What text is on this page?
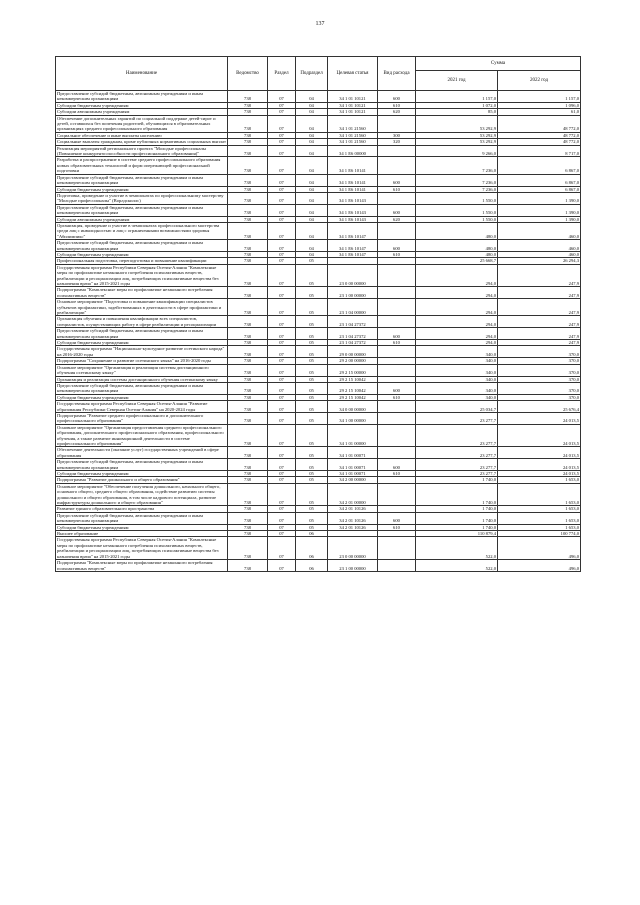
137
Наименование	Ведомство	Раздел	Подраздел	Целевая статья	Вид расхода	Сумма	
						2021 год	2022 год
Предоставление субсидий бюджетным, автономным учреждениям и иным некоммерческим организациям	738	07	04	34 1 01 10121	600	1 157,0	1 157,0
Субсидии бюджетным учреждениям	738	07	04	34 1 01 10121	610	1 072,0	1 096,0
Субсидии автономным учреждениям	738	07	04	34 1 01 10121	620	85,0	61,0
Обеспечение дополнительных гарантий по социальной поддержке детей-сирот и детей, оставшихся без попечения родителей, обучающихся в образовательных организациях среднего профессионального образования	738	07	04	34 1 01 21560		53 292,9	48 772,0
Социальное обеспечение и иные выплаты населению	738	07	04	34 1 01 21560	300	53 292,9	48 772,0
Социальные выплаты гражданам, кроме публичных нормативных социальных выплат	738	07	04	34 1 01 21560	320	53 292,9	48 772,0
Реализация мероприятий регионального проекта "Молодые профессионалы (Повышение конкурентоспособности профессионального образования)"	738	07	04	34 1 E6 00000		9 266,0	8 717,0
Разработка и распространение в системе среднего профессионального образования новых образовательных технологий и форм опережающей профессиональной подготовки	738	07	04	34 1 E6 10141		7 236,0	6 867,0
Предоставление субсидий бюджетным, автономным учреждениям и иным некоммерческим организациям	738	07	04	34 1 E6 10141	600	7 236,0	6 867,0
Субсидии бюджетным учреждениям	738	07	04	34 1 E6 10141	610	7 236,0	6 867,0
Подготовка, проведение и участие в чемпионатах по профессиональному мастерству "Молодые профессионалы" (Ворлдскиллс)	738	07	04	34 1 E6 10143		1 550,0	1 390,0
Предоставление субсидий бюджетным, автономным учреждениям и иным некоммерческим организациям	738	07	04	34 1 E6 10143	600	1 550,0	1 390,0
Субсидии автономным учреждениям	738	07	04	34 1 E6 10143	620	1 550,0	1 390,0
Организация, проведение и участие в чемпионатах профессионального мастерства среди лиц с инвалидностью и лиц с ограниченными возможностями здоровья "Абилимпикс"	738	07	04	34 1 E6 10147		480,0	460,0
Предоставление субсидий бюджетным, автономным учреждениям и иным некоммерческим организациям	738	07	04	34 1 E6 10147	600	480,0	460,0
Субсидии бюджетным учреждениям	738	07	04	34 1 E6 10147	610	480,0	460,0
Профессиональная подготовка, переподготовка и повышение квалификации	738	07	05			25 668,7	26 294,3
Государственная программа Республики Северная Осетия-Алания "Комплексные меры по профилактике незаконного потребления психоактивных веществ, реабилитации и ресоциализации лиц, потребляющих психоактивные вещества без назначения врача" на 2015-2021 годы	738	07	05	23 0 00 00000		294,0	247,9
Подпрограмма "Комплексные меры по профилактике незаконного потребления психоактивных веществ"	738	07	05	23 1 00 00000		294,0	247,9
Основное мероприятие "Подготовка и повышение квалификации специалистов субъектов профилактики, задействованных в деятельности в сфере профилактики и реабилитации"	738	07	05	23 1 04 00000		294,0	247,9
Организация обучения и повышения квалификации всех специалистов, специалистов, осуществляющих работу в сфере реабилитации и ресоциализации	738	07	05	23 1 04 27372		294,0	247,9
Предоставление субсидий бюджетным, автономным учреждениям и иным некоммерческим организациям	738	07	05	23 1 04 27372	600	294,0	247,9
Субсидии бюджетным учреждениям	738	07	05	23 1 04 27372	610	294,0	247,9
Государственная программа "Национально-культурное развитие осетинского народа" на 2016-2020 годы	738	07	05	29 0 00 00000		340,0	370,0
Подпрограмма "Сохранение и развитие осетинского языка" на 2016-2020 годы	738	07	05	29 2 00 00000		340,0	370,0
Основное мероприятие "Организация и реализация системы дистанционного обучения осетинскому языку"	738	07	05	29 2 15 00000		340,0	370,0
Организация и реализация системы дистанционного обучения осетинскому языку	738	07	05	29 2 15 10042		340,0	370,0
Предоставление субсидий бюджетным, автономным учреждениям и иным некоммерческим организациям	738	07	05	29 2 15 10042	600	340,0	370,0
Субсидии бюджетным учреждениям	738	07	05	29 2 15 10042	610	340,0	370,0
Государственная программа Республики Северная Осетия-Алания "Развитие образования Республики Северная Осетия-Алания" на 2020-2024 годы	738	07	05	34 0 00 00000		25 034,7	25 676,4
Подпрограмма "Развитие среднего профессионального и дополнительного профессионального образования"	738	07	05	34 1 00 00000		23 277,7	24 013,5
Основное мероприятие "Организация предоставления среднего профессионального образования, дополнительного профессионального образования, профессионального обучения, а также развитие инновационной деятельности в системе профессионального образования"	738	07	05	34 1 01 00000		23 277,7	24 013,5
Обеспечение деятельности (оказание услуг) государственных учреждений в сфере образования	738	07	05	34 1 01 00071		23 277,7	24 013,5
Предоставление субсидий бюджетным, автономным учреждениям и иным некоммерческим организациям	738	07	05	34 1 01 00071	600	23 277,7	24 013,5
Субсидии бюджетным учреждениям	738	07	05	34 1 01 00071	610	23 277,7	24 013,5
Подпрограмма "Развитие дошкольного и общего образования"	738	07	05	34 2 00 00000		1 740,0	1 653,0
Основное мероприятие "Обеспечение получения дошкольного, начального общего, основного общего, среднего общего образования, содействие развитию системы дошкольного и общего образования, в том числе кадрового потенциала, развитие инфраструктуры дошкольного и общего образования"	738	07	05	34 2 01 00000		1 740,0	1 653,0
Развитие единого образовательного пространства	738	07	05	34 2 01 10126		1 740,0	1 653,0
Предоставление субсидий бюджетным, автономным учреждениям и иным некоммерческим организациям	738	07	05	34 2 01 10126	600	1 740,0	1 653,0
Субсидии бюджетным учреждениям	738	07	05	34 2 01 10126	610	1 740,0	1 653,0
Высшее образование	738	07	06			110 879,4	100 774,0
Государственная программа Республики Северная Осетия-Алания "Комплексные меры по профилактике незаконного потребления психоактивных веществ, реабилитации и ресоциализации лиц, потребляющих психоактивные вещества без назначения врача" на 2015-2021 годы	738	07	06	23 0 00 00000		522,0	496,0
Подпрограмма "Комплексные меры по профилактике незаконного потребления психоактивных веществ"	738	07	06	23 1 00 00000		522,0	496,0
